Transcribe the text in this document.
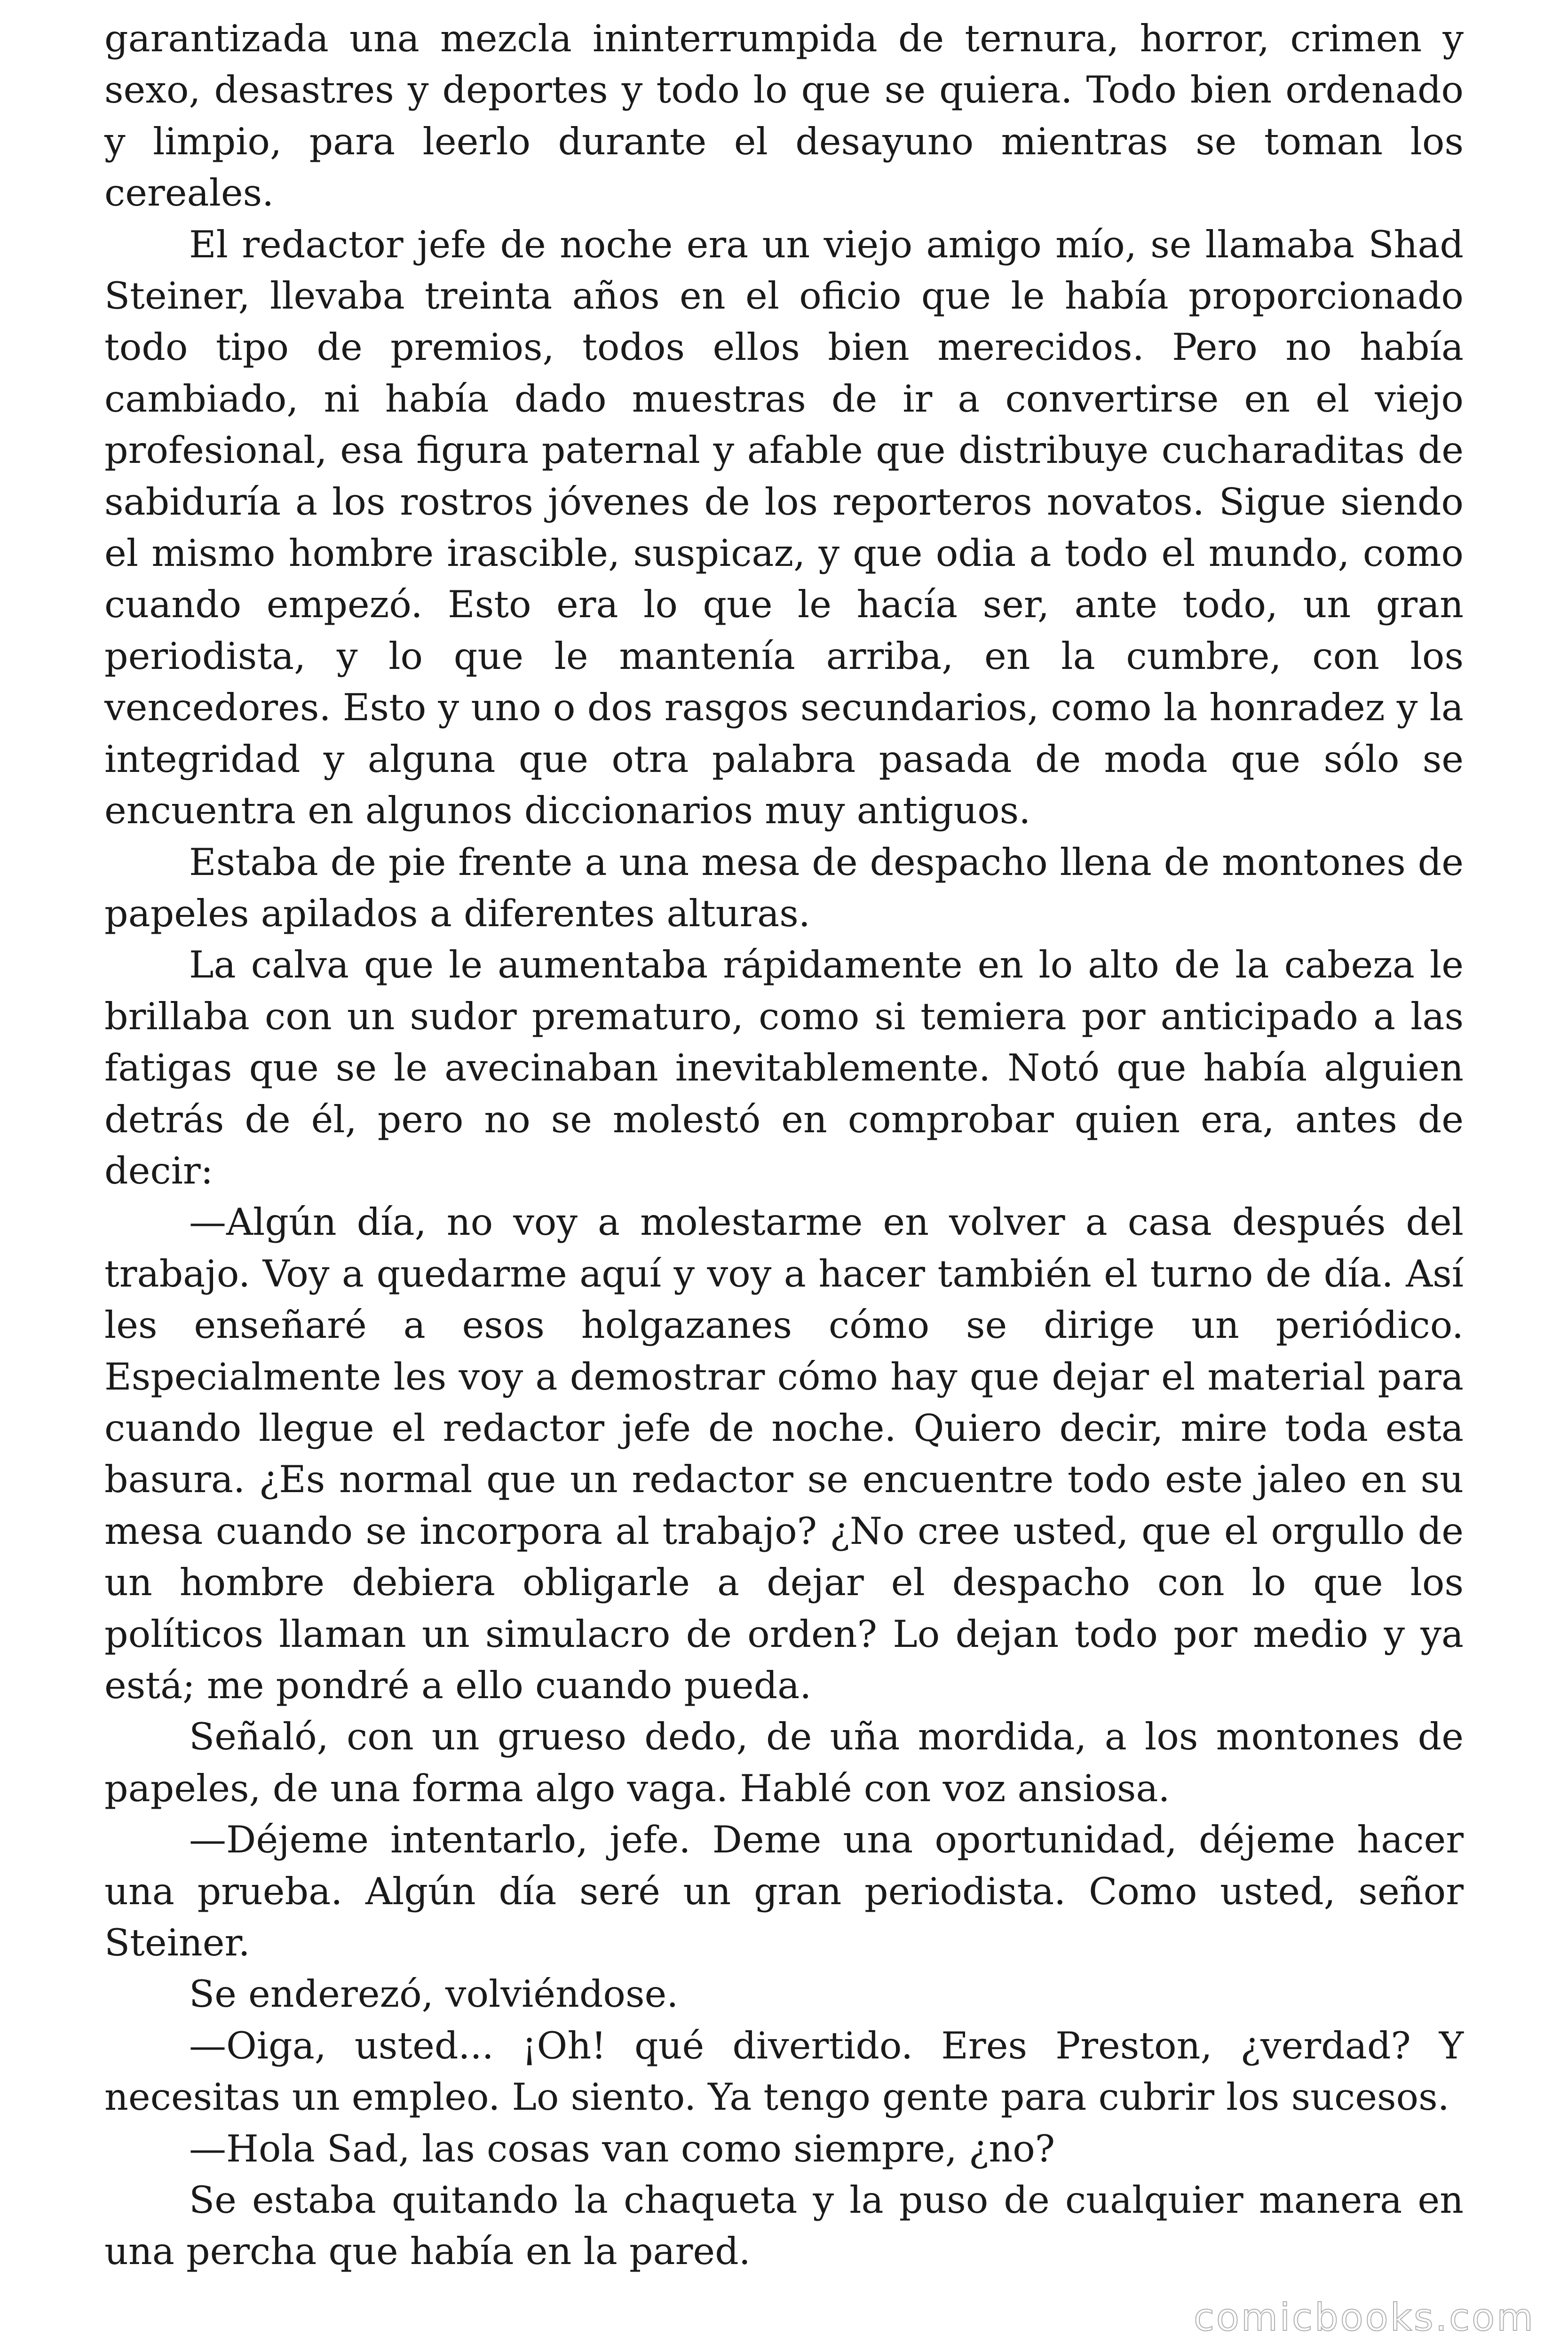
garantizada una mezcla ininterrumpida de ternura, horror, crimen y sexo, desastres y deportes y todo lo que se quiera. Todo bien ordenado y limpio, para leerlo durante el desayuno mientras se toman los cereales.

El redactor jefe de noche era un viejo amigo mío, se llamaba Shad Steiner, llevaba treinta años en el oficio que le había proporcionado todo tipo de premios, todos ellos bien merecidos. Pero no había cambiado, ni había dado muestras de ir a convertirse en el viejo profesional, esa figura paternal y afable que distribuye cucharaditas de sabiduría a los rostros jóvenes de los reporteros novatos. Sigue siendo el mismo hombre irascible, suspicaz, y que odia a todo el mundo, como cuando empezó. Esto era lo que le hacía ser, ante todo, un gran periodista, y lo que le mantenía arriba, en la cumbre, con los vencedores. Esto y uno o dos rasgos secundarios, como la honradez y la integridad y alguna que otra palabra pasada de moda que sólo se encuentra en algunos diccionarios muy antiguos.

Estaba de pie frente a una mesa de despacho llena de montones de papeles apilados a diferentes alturas.

La calva que le aumentaba rápidamente en lo alto de la cabeza le brillaba con un sudor prematuro, como si temiera por anticipado a las fatigas que se le avecinaban inevitablemente. Notó que había alguien detrás de él, pero no se molestó en comprobar quien era, antes de decir:

—Algún día, no voy a molestarme en volver a casa después del trabajo. Voy a quedarme aquí y voy a hacer también el turno de día. Así les enseñaré a esos holgazanes cómo se dirige un periódico. Especialmente les voy a demostrar cómo hay que dejar el material para cuando llegue el redactor jefe de noche. Quiero decir, mire toda esta basura. ¿Es normal que un redactor se encuentre todo este jaleo en su mesa cuando se incorpora al trabajo? ¿No cree usted, que el orgullo de un hombre debiera obligarle a dejar el despacho con lo que los políticos llaman un simulacro de orden? Lo dejan todo por medio y ya está; me pondré a ello cuando pueda.

Señaló, con un grueso dedo, de uña mordida, a los montones de papeles, de una forma algo vaga. Hablé con voz ansiosa.

—Déjeme intentarlo, jefe. Deme una oportunidad, déjeme hacer una prueba. Algún día seré un gran periodista. Como usted, señor Steiner.

Se enderezó, volviéndose.

—Oiga, usted... ¡Oh! qué divertido. Eres Preston, ¿verdad? Y necesitas un empleo. Lo siento. Ya tengo gente para cubrir los sucesos.

—Hola Sad, las cosas van como siempre, ¿no?

Se estaba quitando la chaqueta y la puso de cualquier manera en una percha que había en la pared.

comicbooks.com
